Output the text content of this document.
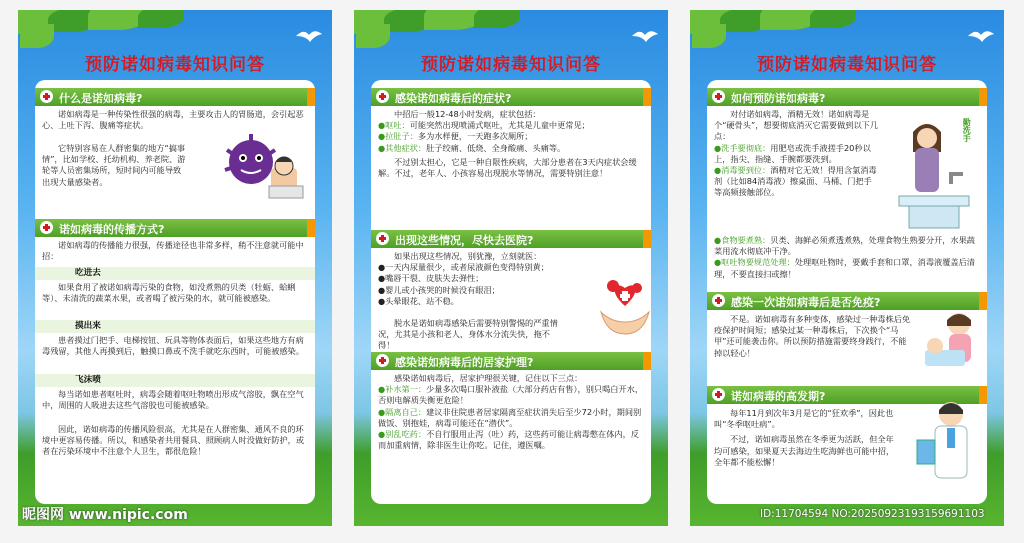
预防诺如病毒知识问答
什么是诺如病毒?

诺如病毒是一种传染性很强的病毒，主要攻击人的胃肠道，会引起恶心、上吐下泻、腹痛等症状。

它特别容易在人群密集的地方“搞事情”，比如学校、托幼机构、养老院、游轮等人员密集场所，短时间内可能导致出现大量感染者。

诺如病毒
诺如病毒的传播方式?

诺如病毒的传播能力很强，传播途径也非常多样，稍不注意就可能中招：

吃进去

如果食用了被诺如病毒污染的食物，如没煮熟的贝类（牡蛎、蛤蜊等）、未清洗的蔬菜水果，或者喝了被污染的水，就可能被感染。

摸出来

患者摸过门把手、电梯按钮、玩具等物体表面后，如果这些地方有病毒残留，其他人再摸到后，触摸口鼻或不洗手就吃东西时，可能被感染。

飞沫喷

每当诺如患者呕吐时，病毒会随着呕吐物喷出形成气溶胶，飘在空气中，周围的人吸进去这些气溶胶也可能被感染。

因此，诺如病毒的传播风险很高，尤其是在人群密集、通风不良的环境中更容易传播。所以，和感染者共用餐具、照顾病人时没做好防护，或者在污染环境中不注意个人卫生，都很危险！

预防诺如病毒知识问答
感染诺如病毒后的症状?

中招后一般12-48小时发病，症状包括：

●呕吐：可能突然出现喷涌式呕吐，尤其是儿童中更常见；

●拉肚子：多为水样便，一天跑多次厕所；

●其他症状：肚子绞痛、低烧、全身酸痛、头痛等。

不过别太担心，它是一种自限性疾病，大部分患者在3天内症状会缓解。不过，老年人、小孩容易出现脱水等情况，需要特别注意！

出现这些情况，尽快去医院?

如果出现这些情况，别犹豫，立刻就医：

●一天内尿量很少，或者尿液颜色变得特别黄；

●嘴唇干裂、皮肤失去弹性；

●婴儿或小孩哭的时候没有眼泪；

●头晕眼花、站不稳。

脱水是诺如病毒感染后需要特别警惕的严重情况，尤其是小孩和老人，身体水分流失快，拖不得！

感染诺如病毒后的居家护理?

感染诺如病毒后，居家护理很关键，记住以下三点：

●补水第一：少量多次喝口服补液盐（大部分药店有售），别只喝白开水，否则电解质失衡更危险！

●隔离自己：建议非住院患者居家隔离至症状消失后至少72小时，期间别做饭、别抱娃，病毒可能还在“潜伏”。

●别乱吃药：不自行服用止泻（吐）药，这些药可能让病毒憋在体内，反而加重病情，除非医生让你吃。记住，遵医嘱。

预防诺如病毒知识问答
如何预防诺如病毒?

对付诺如病毒，酒精无效！诺如病毒是个“硬骨头”，想要彻底消灭它需要做到以下几点：

●洗手要彻底：用肥皂或洗手液搓手20秒以上，指尖、指缝、手腕都要洗到。

●消毒要到位：酒精对它无效！得用含氯消毒剂（比如84消毒液）擦桌面、马桶、门把手等高频接触部位。

●食物要煮熟：贝类、海鲜必须煮透煮熟，处理食物生熟要分开，水果蔬菜用流水彻底冲干净。

●呕吐物要规范处理：处理呕吐物时，要戴手套和口罩，消毒液覆盖后清理，不要直接扫或擦！

勤洗手
感染一次诺如病毒后是否免疫?

不是。诺如病毒有多种变体，感染过一种毒株后免疫保护时间短；感染过某一种毒株后，下次换个“马甲”还可能袭击你。所以预防措施需要终身践行，不能掉以轻心！

诺如病毒的高发期?

每年11月到次年3月是它的“狂欢季”，因此也叫“冬季呕吐病”。

不过，诺如病毒虽然在冬季更为活跃，但全年均可感染，如果夏天去海边生吃海鲜也可能中招，全年都不能松懈！

昵图网 www.nipic.com	ID:11704594 NO:20250923193159691103
